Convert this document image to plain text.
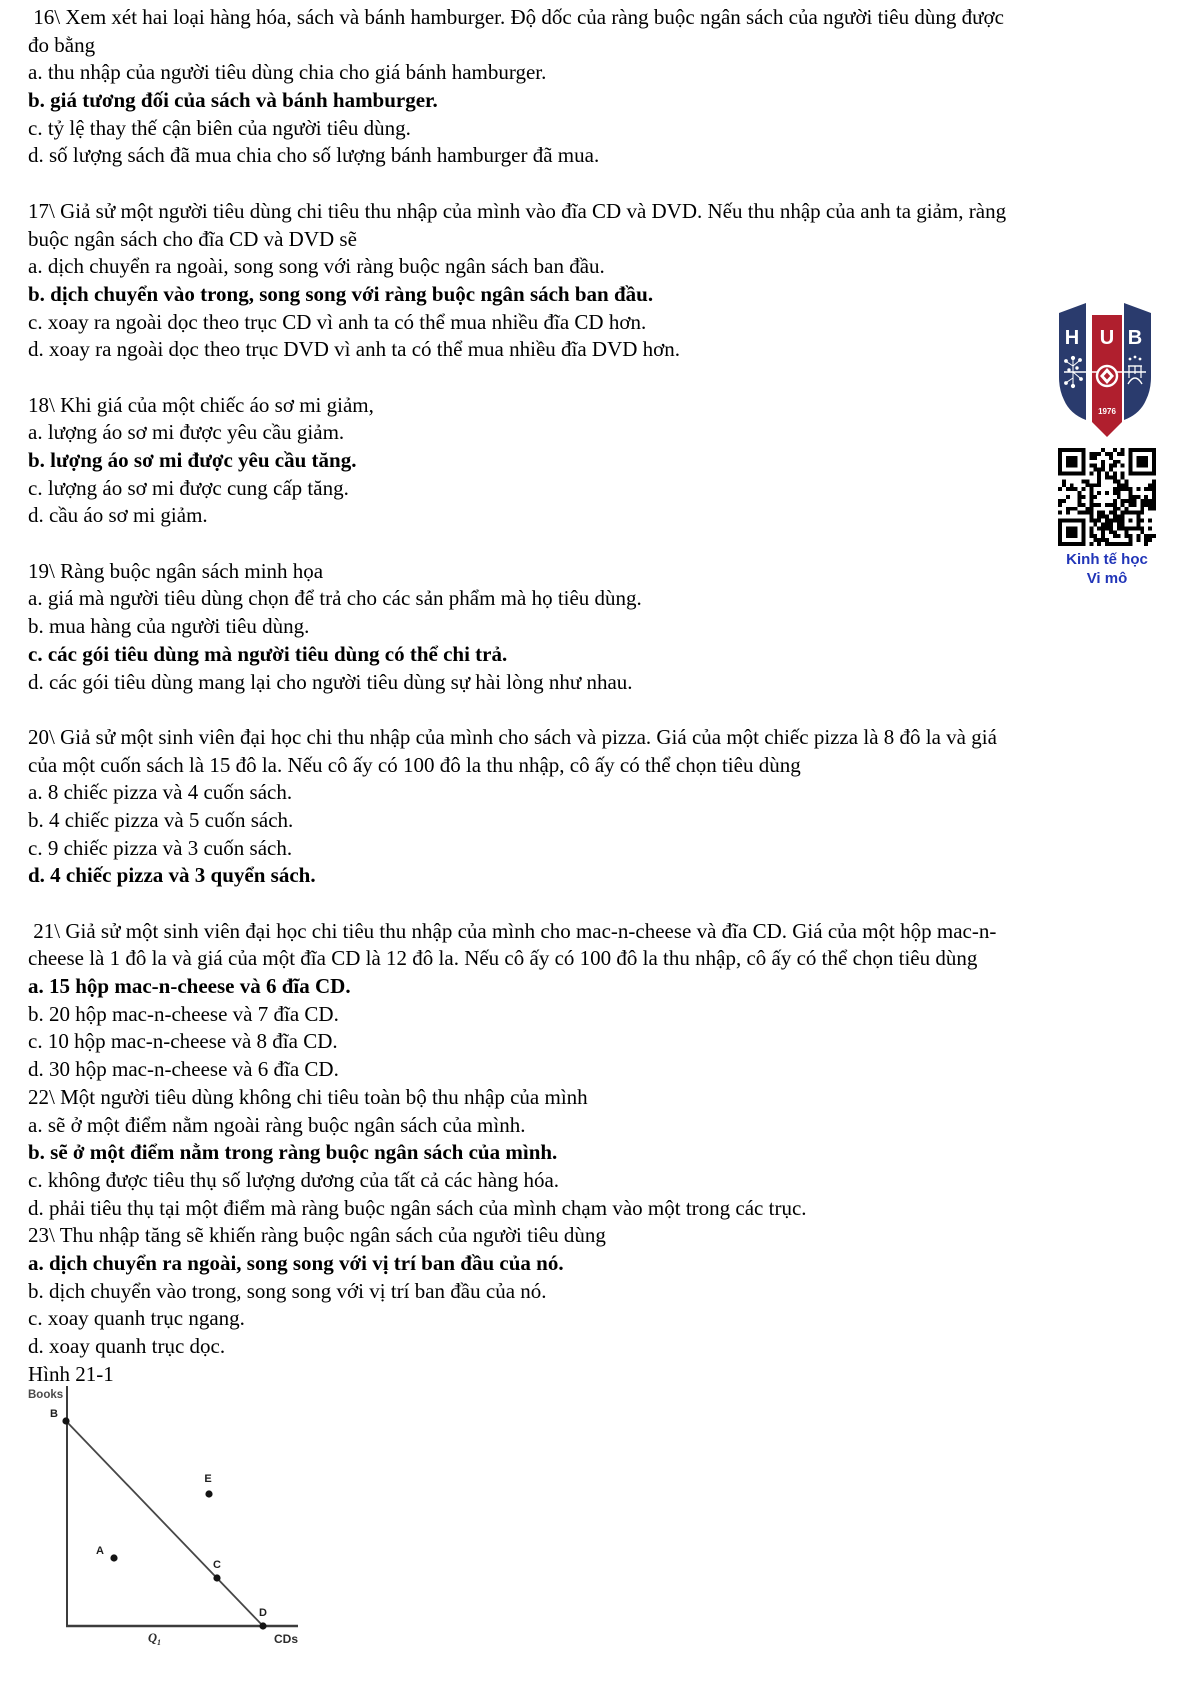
16\ Xem xét hai loại hàng hóa, sách và bánh hamburger. Độ dốc của ràng buộc ngân sách của người tiêu dùng được
đo bằng
a. thu nhập của người tiêu dùng chia cho giá bánh hamburger.
b. giá tương đối của sách và bánh hamburger.
c. tỷ lệ thay thế cận biên của người tiêu dùng.
d. số lượng sách đã mua chia cho số lượng bánh hamburger đã mua.
17\ Giả sử một người tiêu dùng chi tiêu thu nhập của mình vào đĩa CD và DVD. Nếu thu nhập của anh ta giảm, ràng
buộc ngân sách cho đĩa CD và DVD sẽ
a. dịch chuyển ra ngoài, song song với ràng buộc ngân sách ban đầu.
b. dịch chuyển vào trong, song song với ràng buộc ngân sách ban đầu.
c. xoay ra ngoài dọc theo trục CD vì anh ta có thể mua nhiều đĩa CD hơn.
d. xoay ra ngoài dọc theo trục DVD vì anh ta có thể mua nhiều đĩa DVD hơn.
18\ Khi giá của một chiếc áo sơ mi giảm,
a. lượng áo sơ mi được yêu cầu giảm.
b. lượng áo sơ mi được yêu cầu tăng.
c. lượng áo sơ mi được cung cấp tăng.
d. cầu áo sơ mi giảm.
19\ Ràng buộc ngân sách minh họa
a. giá mà người tiêu dùng chọn để trả cho các sản phẩm mà họ tiêu dùng.
b. mua hàng của người tiêu dùng.
c. các gói tiêu dùng mà người tiêu dùng có thể chi trả.
d. các gói tiêu dùng mang lại cho người tiêu dùng sự hài lòng như nhau.
20\ Giả sử một sinh viên đại học chi thu nhập của mình cho sách và pizza. Giá của một chiếc pizza là 8 đô la và giá
của một cuốn sách là 15 đô la. Nếu cô ấy có 100 đô la thu nhập, cô ấy có thể chọn tiêu dùng
a. 8 chiếc pizza và 4 cuốn sách.
b. 4 chiếc pizza và 5 cuốn sách.
c. 9 chiếc pizza và 3 cuốn sách.
d. 4 chiếc pizza và 3 quyển sách.
21\ Giả sử một sinh viên đại học chi tiêu thu nhập của mình cho mac-n-cheese và đĩa CD. Giá của một hộp mac-n-
cheese là 1 đô la và giá của một đĩa CD là 12 đô la. Nếu cô ấy có 100 đô la thu nhập, cô ấy có thể chọn tiêu dùng
a. 15 hộp mac-n-cheese và 6 đĩa CD.
b. 20 hộp mac-n-cheese và 7 đĩa CD.
c. 10 hộp mac-n-cheese và 8 đĩa CD.
d. 30 hộp mac-n-cheese và 6 đĩa CD.
22\ Một người tiêu dùng không chi tiêu toàn bộ thu nhập của mình
a. sẽ ở một điểm nằm ngoài ràng buộc ngân sách của mình.
b. sẽ ở một điểm nằm trong ràng buộc ngân sách của mình.
c. không được tiêu thụ số lượng dương của tất cả các hàng hóa.
d. phải tiêu thụ tại một điểm mà ràng buộc ngân sách của mình chạm vào một trong các trục.
23\ Thu nhập tăng sẽ khiến ràng buộc ngân sách của người tiêu dùng
a. dịch chuyển ra ngoài, song song với vị trí ban đầu của nó.
b. dịch chuyển vào trong, song song với vị trí ban đầu của nó.
c. xoay quanh trục ngang.
d. xoay quanh trục dọc.
Hình 21-1
Books
CDs
$Q_1$
B
E
A
C
D
H U B
1976
Kinh tế học
Vi mô
